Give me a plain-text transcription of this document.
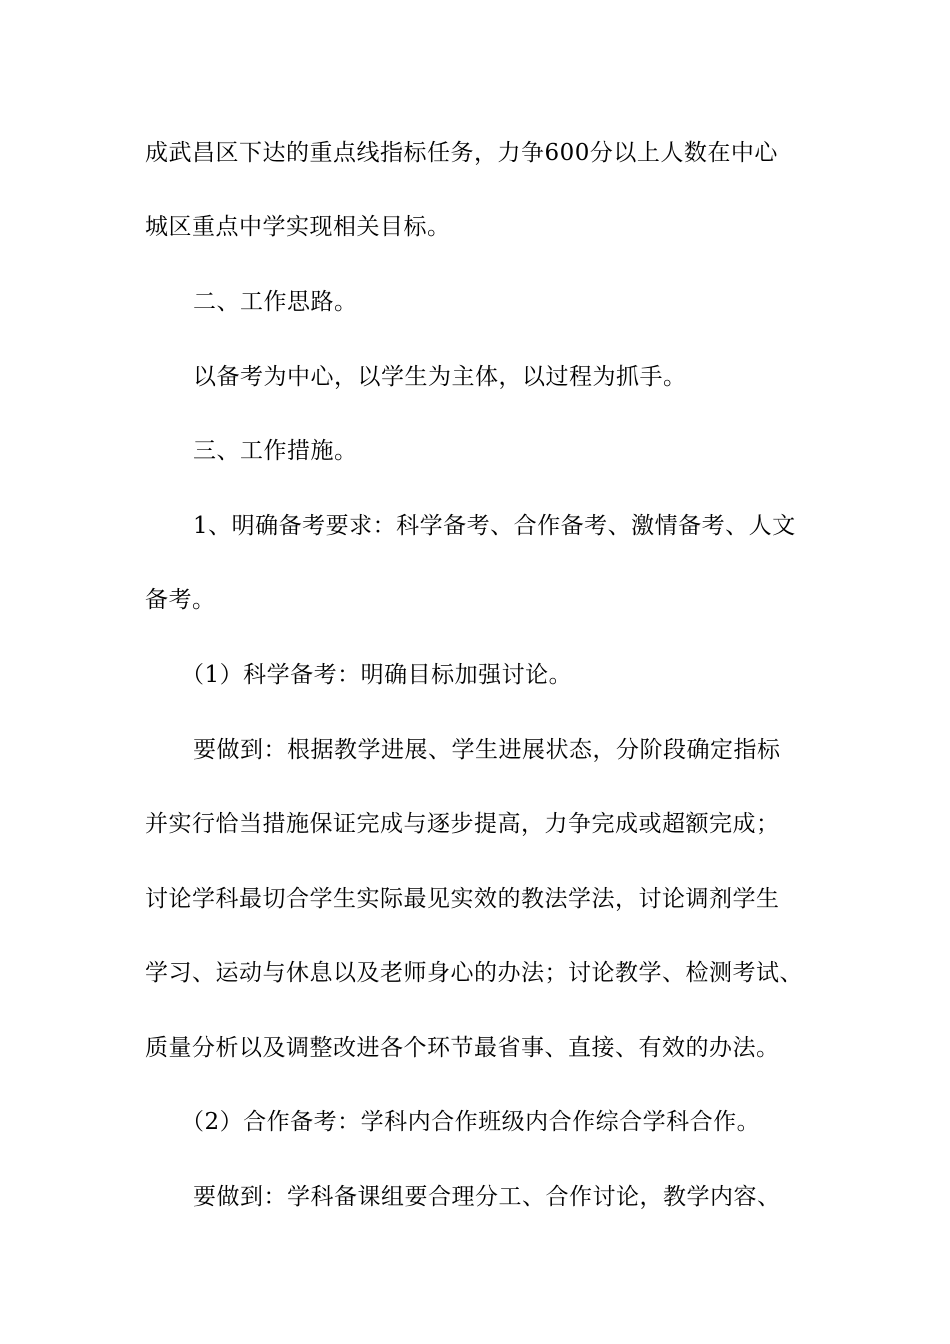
成武昌区下达的重点线指标任务，力争600分以上人数在中心
城区重点中学实现相关目标。
二、工作思路。
以备考为中心，以学生为主体，以过程为抓手。
三、工作措施。
1、明确备考要求：科学备考、合作备考、激情备考、人文
备考。
（1）科学备考：明确目标加强讨论。
要做到：根据教学进展、学生进展状态，分阶段确定指标
并实行恰当措施保证完成与逐步提高，力争完成或超额完成；
讨论学科最切合学生实际最见实效的教法学法，讨论调剂学生
学习、运动与休息以及老师身心的办法；讨论教学、检测考试、
质量分析以及调整改进各个环节最省事、直接、有效的办法。
（2）合作备考：学科内合作班级内合作综合学科合作。
要做到：学科备课组要合理分工、合作讨论，教学内容、
